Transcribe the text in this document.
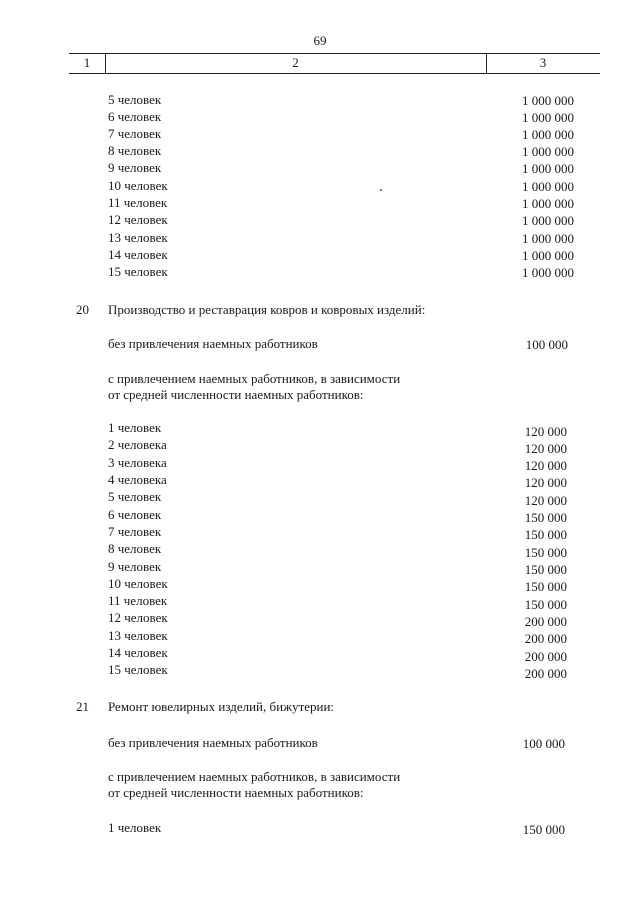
69
1	2	3
5 человек	1 000 000
6 человек	1 000 000
7 человек	1 000 000
8 человек	1 000 000
9 человек	1 000 000
10 человек	1 000 000
11 человек	1 000 000
12 человек	1 000 000
13 человек	1 000 000
14 человек	1 000 000
15 человек	1 000 000
20 Производство и реставрация ковров и ковровых изделий:
без привлечения наемных работников	100 000
с привлечением наемных работников, в зависимости
от средней численности наемных работников:
1 человек	120 000
2 человека	120 000
3 человека	120 000
4 человека	120 000
5 человек	120 000
6 человек	150 000
7 человек	150 000
8 человек	150 000
9 человек	150 000
10 человек	150 000
11 человек	150 000
12 человек	200 000
13 человек	200 000
14 человек	200 000
15 человек	200 000
21 Ремонт ювелирных изделий, бижутерии:
без привлечения наемных работников	100 000
с привлечением наемных работников, в зависимости
от средней численности наемных работников:
1 человек	150 000
